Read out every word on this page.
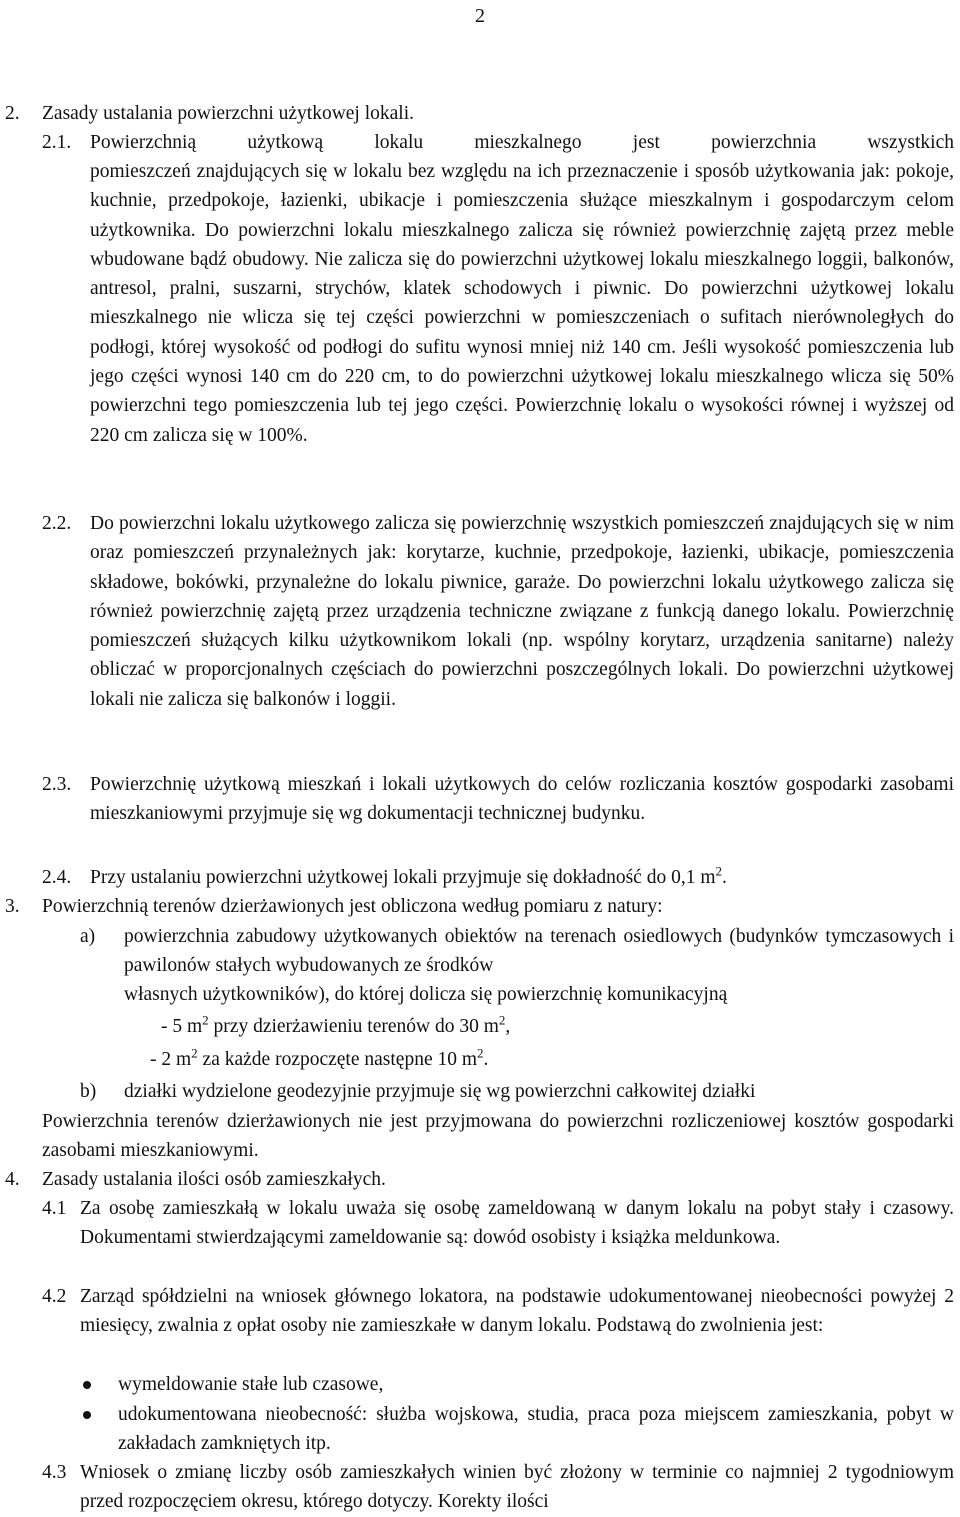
2
2. Zasady ustalania powierzchni użytkowej lokali.
2.1. Powierzchnią użytkową lokalu mieszkalnego jest powierzchnia wszystkich
pomieszczeń znajdujących się w lokalu bez względu na ich przeznaczenie i sposób użytkowania jak: pokoje, kuchnie, przedpokoje, łazienki, ubikacje i pomieszczenia służące mieszkalnym i gospodarczym celom użytkownika. Do powierzchni lokalu mieszkalnego zalicza się również powierzchnię zajętą przez meble wbudowane bądź obudowy. Nie zalicza się do powierzchni użytkowej lokalu mieszkalnego loggii, balkonów, antresol, pralni, suszarni, strychów, klatek schodowych i piwnic. Do powierzchni użytkowej lokalu mieszkalnego nie wlicza się tej części powierzchni w pomieszczeniach o sufitach nierównoległych do podłogi, której wysokość od podłogi do sufitu wynosi mniej niż 140 cm. Jeśli wysokość pomieszczenia lub jego części wynosi 140 cm do 220 cm, to do powierzchni użytkowej lokalu mieszkalnego wlicza się 50% powierzchni tego pomieszczenia lub tej jego części. Powierzchnię lokalu o wysokości równej i wyższej od 220 cm zalicza się w 100%.
2.2. Do powierzchni lokalu użytkowego zalicza się powierzchnię wszystkich pomieszczeń znajdujących się w nim oraz pomieszczeń przynależnych jak: korytarze, kuchnie, przedpokoje, łazienki, ubikacje, pomieszczenia składowe, bokówki, przynależne do lokalu piwnice, garaże. Do powierzchni lokalu użytkowego zalicza się również powierzchnię zajętą przez urządzenia techniczne związane z funkcją danego lokalu. Powierzchnię pomieszczeń służących kilku użytkownikom lokali (np. wspólny korytarz, urządzenia sanitarne) należy obliczać w proporcjonalnych częściach do powierzchni poszczególnych lokali. Do powierzchni użytkowej lokali nie zalicza się balkonów i loggii.
2.3. Powierzchnię użytkową mieszkań i lokali użytkowych do celów rozliczania kosztów gospodarki zasobami mieszkaniowymi przyjmuje się wg dokumentacji technicznej budynku.
2.4. Przy ustalaniu powierzchni użytkowej lokali przyjmuje się dokładność do 0,1 $m^2$.
3. Powierzchnią terenów dzierżawionych jest obliczona według pomiaru z natury:
a) powierzchnia zabudowy użytkowanych obiektów na terenach osiedlowych (budynków tymczasowych i pawilonów stałych wybudowanych ze środków
własnych użytkowników), do której dolicza się powierzchnię komunikacyjną
- 5 $m^2$ przy dzierżawieniu terenów do 30 $m^2$,
- 2 $m^2$ za każde rozpoczęte następne 10 $m^2$.
b) działki wydzielone geodezyjnie przyjmuje się wg powierzchni całkowitej działki
Powierzchnia terenów dzierżawionych nie jest przyjmowana do powierzchni rozliczeniowej kosztów gospodarki zasobami mieszkaniowymi.
4. Zasady ustalania ilości osób zamieszkałych.
4.1 Za osobę zamieszkałą w lokalu uważa się osobę zameldowaną w danym lokalu na pobyt stały i czasowy. Dokumentami stwierdzającymi zameldowanie są: dowód osobisty i książka meldunkowa.
4.2 Zarząd spółdzielni na wniosek głównego lokatora, na podstawie udokumentowanej nieobecności powyżej 2 miesięcy, zwalnia z opłat osoby nie zamieszkałe w danym lokalu. Podstawą do zwolnienia jest:
wymeldowanie stałe lub czasowe,
udokumentowana nieobecność: służba wojskowa, studia, praca poza miejscem zamieszkania, pobyt w zakładach zamkniętych itp.
4.3 Wniosek o zmianę liczby osób zamieszkałych winien być złożony w terminie co najmniej 2 tygodniowym przed rozpoczęciem okresu, którego dotyczy. Korekty ilości
